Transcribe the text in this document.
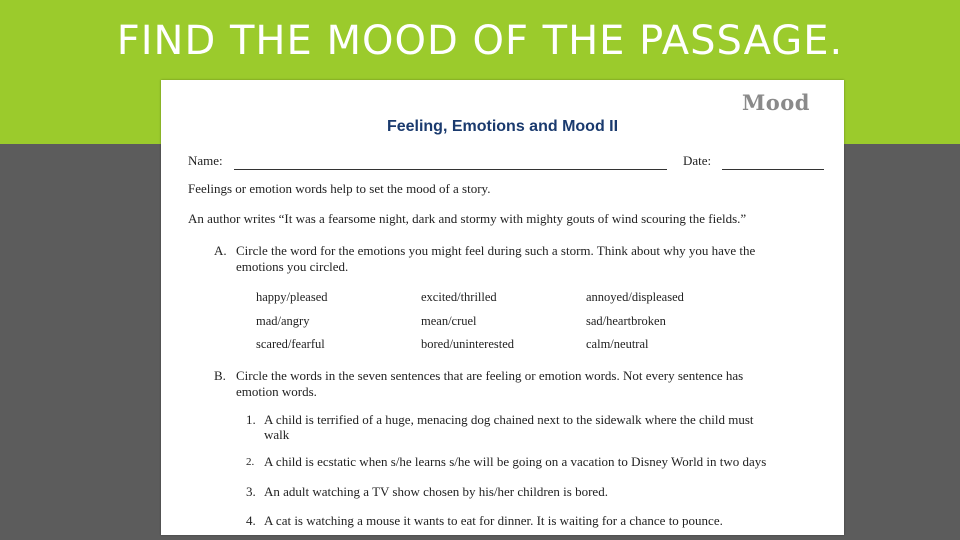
FIND THE MOOD OF THE PASSAGE.
Mood
Feeling, Emotions and Mood II
Name:	Date:
Feelings or emotion words help to set the mood of a story.
An author writes “It was a fearsome night, dark and stormy with mighty gouts of wind scouring the fields.”
A. Circle the word for the emotions you might feel during such a storm. Think about why you have the
emotions you circled.
happy/pleased	excited/thrilled	annoyed/displeased
mad/angry	mean/cruel	sad/heartbroken
scared/fearful	bored/uninterested	calm/neutral
B. Circle the words in the seven sentences that are feeling or emotion words. Not every sentence has
emotion words.
1. A child is terrified of a huge, menacing dog chained next to the sidewalk where the child must
walk
2. A child is ecstatic when s/he learns s/he will be going on a vacation to Disney World in two days
3. An adult watching a TV show chosen by his/her children is bored.
4. A cat is watching a mouse it wants to eat for dinner. It is waiting for a chance to pounce.
